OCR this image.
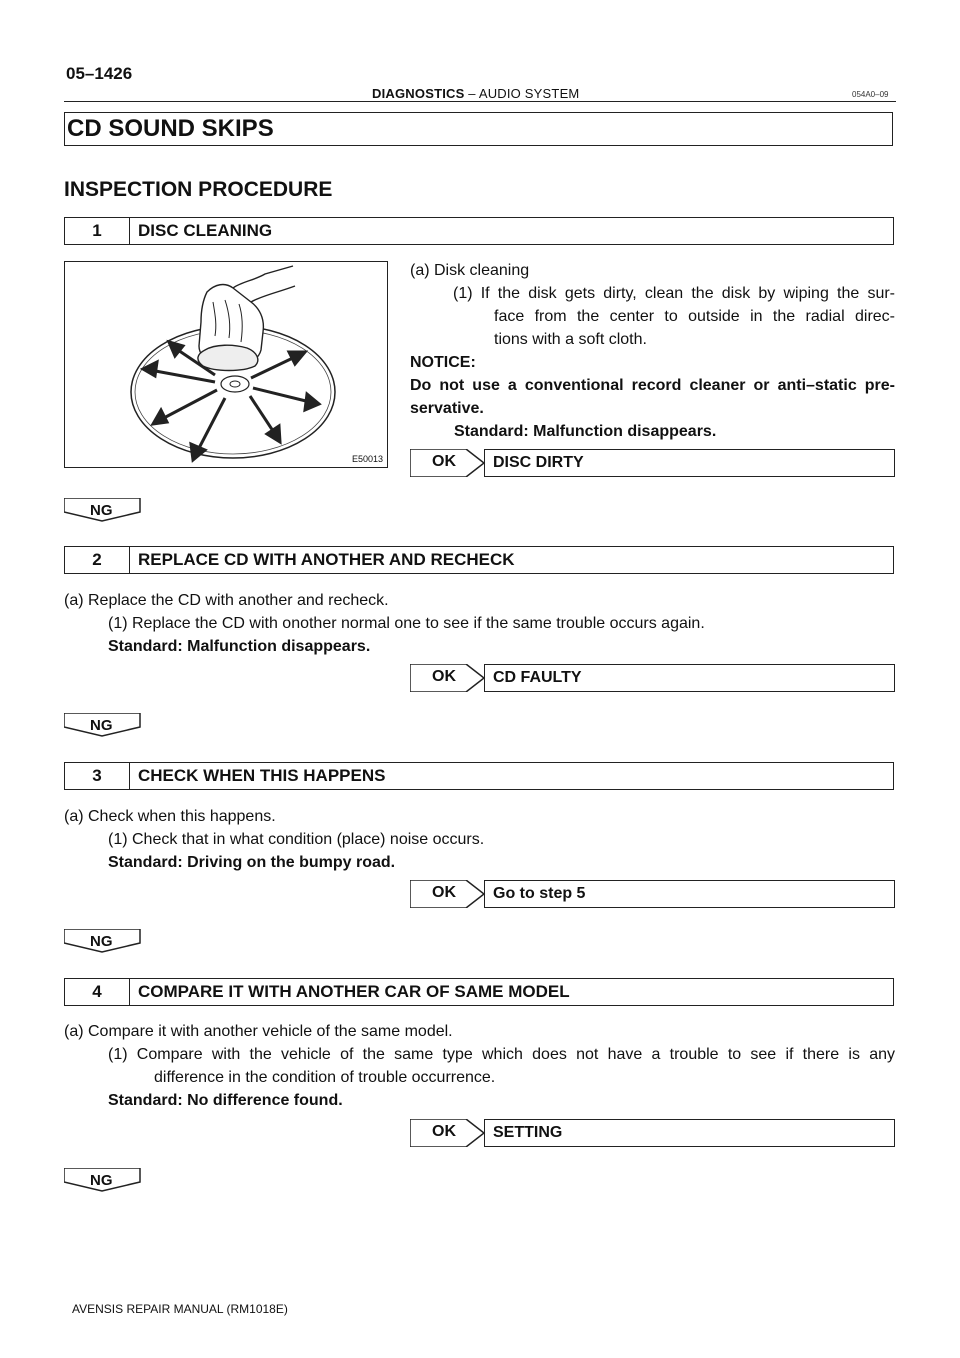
05–1426
DIAGNOSTICS – AUDIO SYSTEM	054A0–09
CD SOUND SKIPS
INSPECTION PROCEDURE
1	DISC CLEANING
E50013
(a) Disk cleaning
(1) If the disk gets dirty, clean the disk by wiping the sur-
face from the center to outside in the radial direc-
tions with a soft cloth.
NOTICE:
Do not use a conventional record cleaner or anti–static pre-
servative.
Standard: Malfunction disappears.
OK	DISC DIRTY
NG
2	REPLACE CD WITH ANOTHER AND RECHECK
(a) Replace the CD with another and recheck.
(1) Replace the CD with onother normal one to see if the same trouble occurs again.
Standard: Malfunction disappears.
OK	CD FAULTY
NG
3	CHECK WHEN THIS HAPPENS
(a) Check when this happens.
(1) Check that in what condition (place) noise occurs.
Standard: Driving on the bumpy road.
OK	Go to step 5
NG
4	COMPARE IT WITH ANOTHER CAR OF SAME MODEL
(a) Compare it with another vehicle of the same model.
(1) Compare with the vehicle of the same type which does not have a trouble to see if there is any
difference in the condition of trouble occurrence.
Standard: No difference found.
OK	SETTING
NG
AVENSIS REPAIR MANUAL (RM1018E)
